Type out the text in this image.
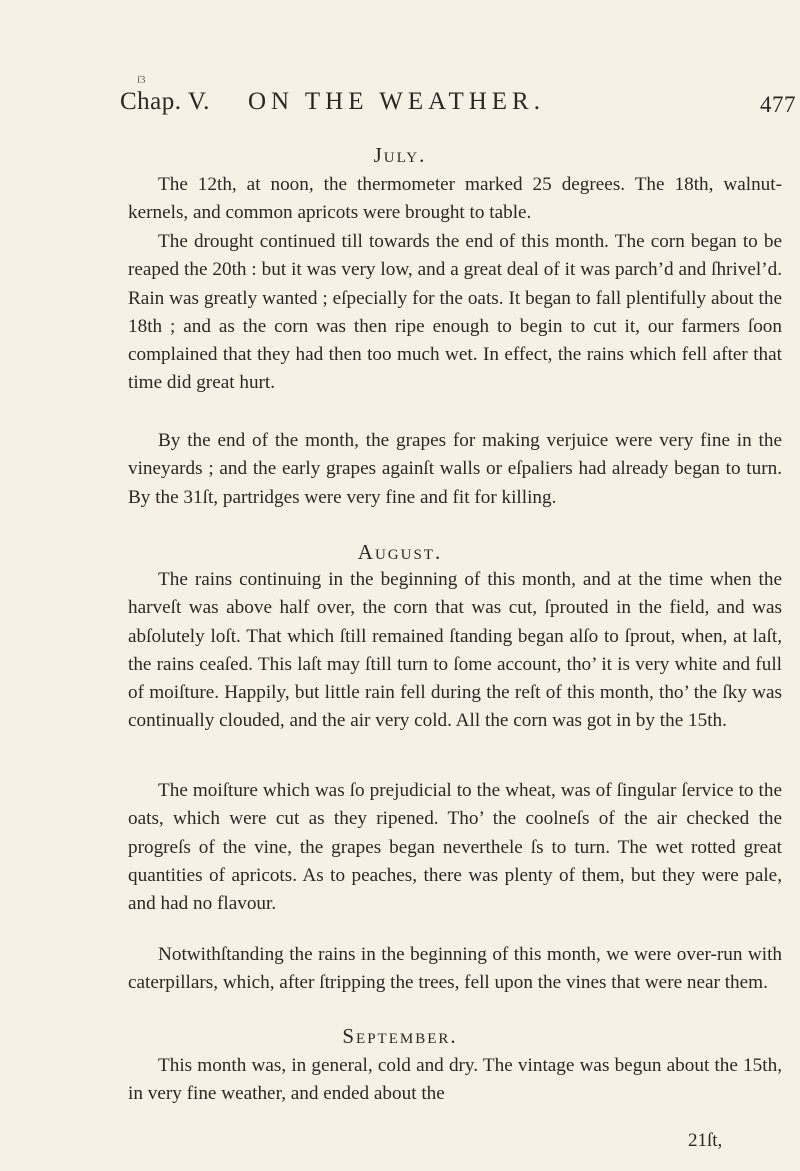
ſ3
Chap. V. ON THE WEATHER.	477
July.

The 12th, at noon, the thermometer marked 25 degrees. The 18th, walnut-kernels, and common apricots were brought to table.

The drought continued till towards the end of this month. The corn began to be reaped the 20th : but it was very low, and a great deal of it was parch’d and ſhrivel’d. Rain was greatly wanted ; eſpecially for the oats. It began to fall plentifully about the 18th ; and as the corn was then ripe enough to begin to cut it, our farmers ſoon complained that they had then too much wet. In effect, the rains which fell after that time did great hurt.

By the end of the month, the grapes for making verjuice were very fine in the vineyards ; and the early grapes againſt walls or eſpaliers had already began to turn. By the 31ſt, partridges were very fine and fit for killing.

August.

The rains continuing in the beginning of this month, and at the time when the harveſt was above half over, the corn that was cut, ſprouted in the field, and was abſolutely loſt. That which ſtill remained ſtanding began alſo to ſprout, when, at laſt, the rains ceaſed. This laſt may ſtill turn to ſome account, tho’ it is very white and full of moiſture. Happily, but little rain fell during the reſt of this month, tho’ the ſky was continually clouded, and the air very cold. All the corn was got in by the 15th.

The moiſture which was ſo prejudicial to the wheat, was of ſingular ſervice to the oats, which were cut as they ripened. Tho’ the coolneſs of the air checked the progreſs of the vine, the grapes began neverthele ſs to turn. The wet rotted great quantities of apricots. As to peaches, there was plenty of them, but they were pale, and had no flavour.

Notwithſtanding the rains in the beginning of this month, we were over-run with caterpillars, which, after ſtripping the trees, fell upon the vines that were near them.

September.

This month was, in general, cold and dry. The vintage was begun about the 15th, in very fine weather, and ended about the

21ſt,
